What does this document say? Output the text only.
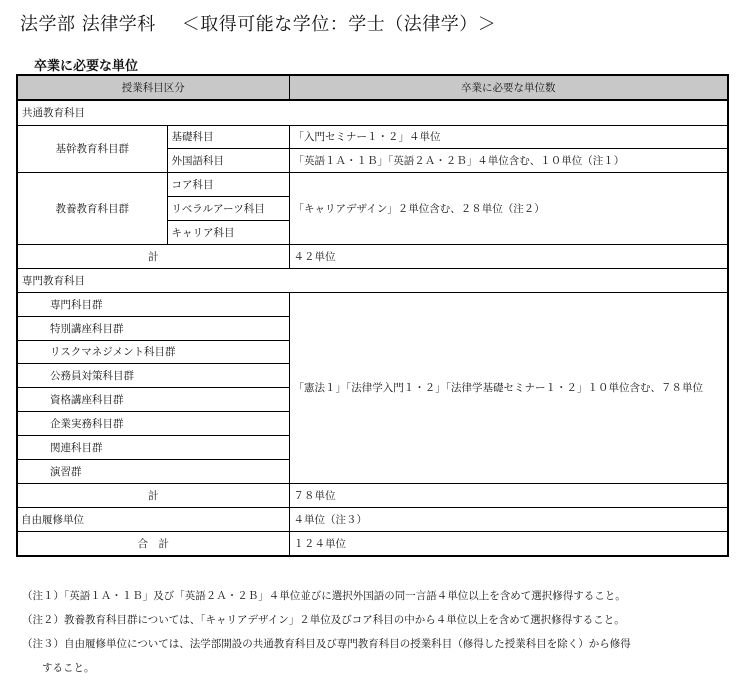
法学部 法律学科 ＜取得可能な学位：学士（法律学）＞
卒業に必要な単位
授業科目区分		卒業に必要な単位数
共通教育科目		
基幹教育科目群	基礎科目	「入門セミナー１・２」４単位
	外国語科目	「英語１Ａ・１Ｂ」「英語２Ａ・２Ｂ」４単位含む、１０単位（注１）
教養教育科目群	コア科目	「キャリアデザイン」２単位含む、２８単位（注２）
	リベラルアーツ科目	
	キャリア科目	
計		４２単位
専門教育科目		
専門科目群		「憲法１」「法律学入門１・２」「法律学基礎セミナー１・２」１０単位含む、７８単位
特別講座科目群		
リスクマネジメント科目群		
公務員対策科目群		
資格講座科目群		
企業実務科目群		
関連科目群		
演習群		
計		７８単位
自由履修単位		４単位（注３）
合　計		１２４単位
（注１）「英語１Ａ・１Ｂ」及び「英語２Ａ・２Ｂ」４単位並びに選択外国語の同一言語４単位以上を含めて選択修得すること。
（注２）教養教育科目群については、「キャリアデザイン」２単位及びコア科目の中から４単位以上を含めて選択修得すること。
（注３）自由履修単位については、法学部開設の共通教育科目及び専門教育科目の授業科目（修得した授業科目を除く）から修得
すること。
